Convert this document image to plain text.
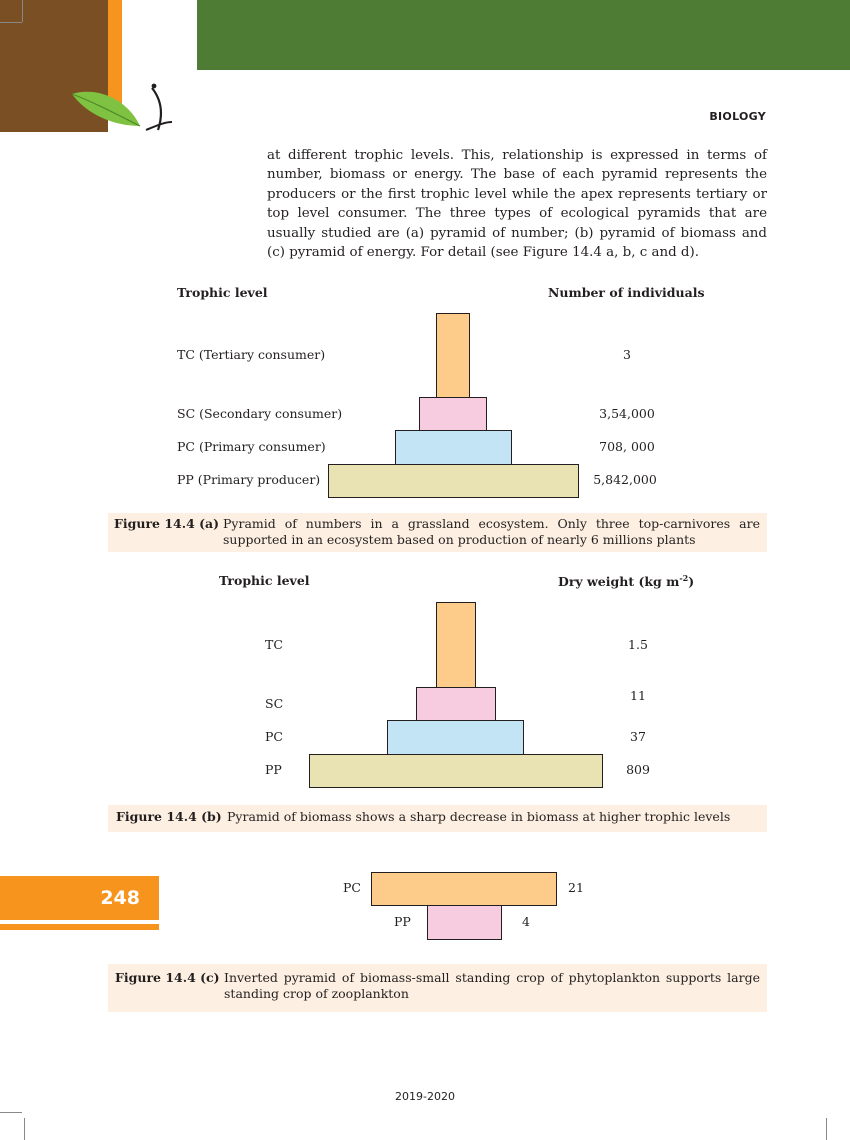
BIOLOGY
at different trophic levels. This, relationship is expressed in terms of number, biomass or energy. The base of each pyramid represents the producers or the first trophic level while the apex represents tertiary or top level consumer. The three types of ecological pyramids that are usually studied are (a) pyramid of number; (b) pyramid of biomass and (c) pyramid of energy. For detail (see Figure 14.4 a, b, c and d).
Trophic level	Number of individuals
TC (Tertiary consumer)
SC (Secondary consumer)
PC (Primary consumer)
PP (Primary producer)
3
3,54,000
708, 000
5,842,000
Figure 14.4 (a) Pyramid of numbers in a grassland ecosystem. Only three top-carnivores are supported in an ecosystem based on production of nearly 6 millions plants
Trophic level	Dry weight (kg $m^{-2}$)
TC
SC
PC
PP
1.5
11
37
809
Figure 14.4 (b) Pyramid of biomass shows a sharp decrease in biomass at higher trophic levels
PC
PP
21
4
Figure 14.4 (c) Inverted pyramid of biomass-small standing crop of phytoplankton supports large standing crop of zooplankton
248
2019-2020
